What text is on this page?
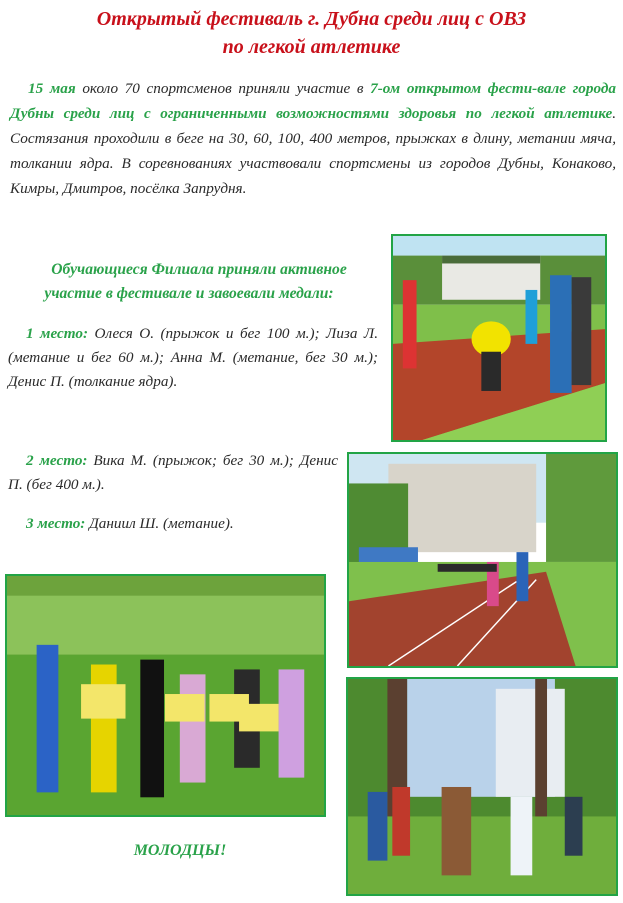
Открытый фестиваль г. Дубна среди лиц с ОВЗ
по легкой атлетике
15 мая около 70 спортсменов приняли участие в 7-ом открытом фести-вале города Дубны среди лиц с ограниченными возможностями здоровья по легкой атлетике. Состязания проходили в беге на 30, 60, 100, 400 метров, прыжках в длину, метании мяча, толкании ядра. В соревнованиях участвовали спортсмены из городов Дубны, Конаково, Кимры, Дмитров, посёлка Запрудня.
Обучающиеся Филиала приняли активное
участие в фестивале и завоевали медали:
1 место: Олеся О. (прыжок и бег 100 м.); Лиза Л. (метание и бег 60 м.); Анна М. (метание, бег 30 м.); Денис П. (толкание ядра).
2 место: Вика М. (прыжок; бег 30 м.); Денис П. (бег 400 м.).
3 место: Даниил Ш. (метание).
МОЛОДЦЫ!
